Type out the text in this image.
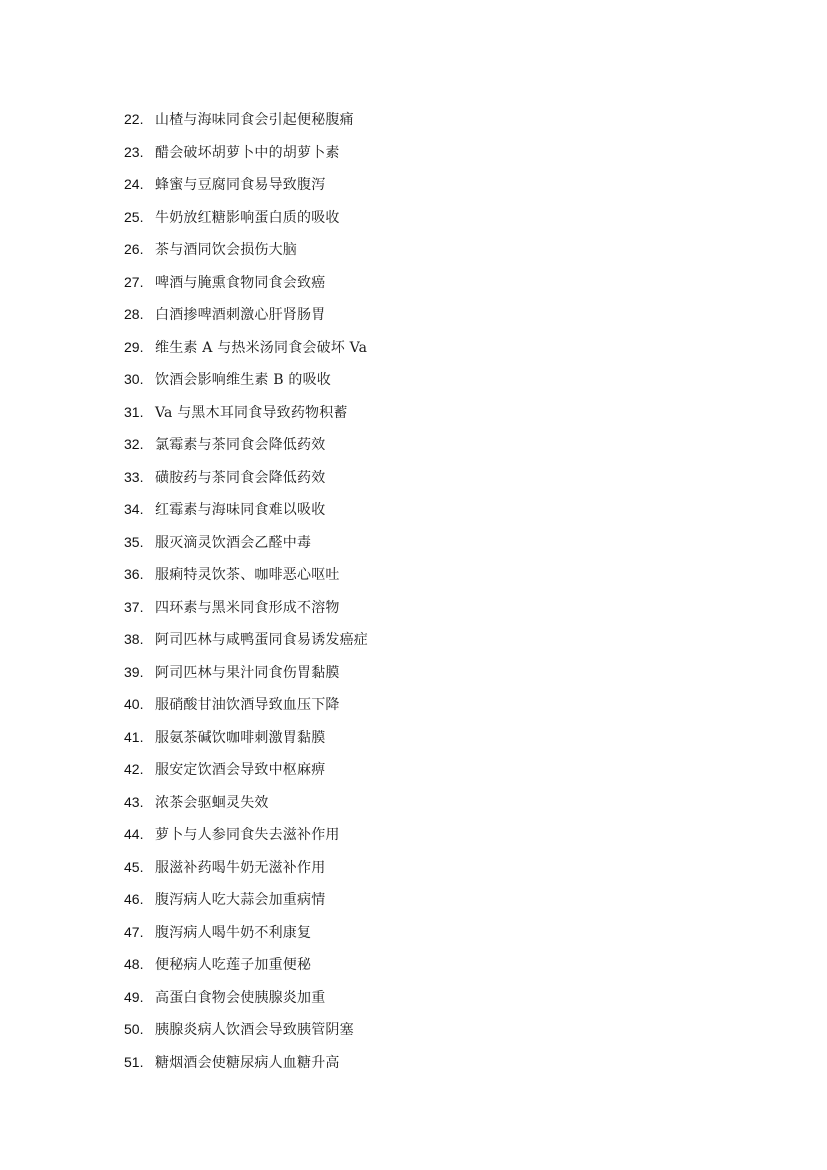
22. 山楂与海味同食会引起便秘腹痛
23. 醋会破坏胡萝卜中的胡萝卜素
24. 蜂蜜与豆腐同食易导致腹泻
25. 牛奶放红糖影响蛋白质的吸收
26. 茶与酒同饮会损伤大脑
27. 啤酒与腌熏食物同食会致癌
28. 白酒掺啤酒刺激心肝肾肠胃
29. 维生素 A 与热米汤同食会破坏 Va
30. 饮酒会影响维生素 B 的吸收
31. Va 与黑木耳同食导致药物积蓄
32. 氯霉素与茶同食会降低药效
33. 磺胺药与茶同食会降低药效
34. 红霉素与海味同食难以吸收
35. 服灭滴灵饮酒会乙醛中毒
36. 服痢特灵饮茶、咖啡恶心呕吐
37. 四环素与黑米同食形成不溶物
38. 阿司匹林与咸鸭蛋同食易诱发癌症
39. 阿司匹林与果汁同食伤胃黏膜
40. 服硝酸甘油饮酒导致血压下降
41. 服氨茶碱饮咖啡刺激胃黏膜
42. 服安定饮酒会导致中枢麻痹
43. 浓茶会驱蛔灵失效
44. 萝卜与人参同食失去滋补作用
45. 服滋补药喝牛奶无滋补作用
46. 腹泻病人吃大蒜会加重病情
47. 腹泻病人喝牛奶不利康复
48. 便秘病人吃莲子加重便秘
49. 高蛋白食物会使胰腺炎加重
50. 胰腺炎病人饮酒会导致胰管阴塞
51. 糖烟酒会使糖尿病人血糖升高
